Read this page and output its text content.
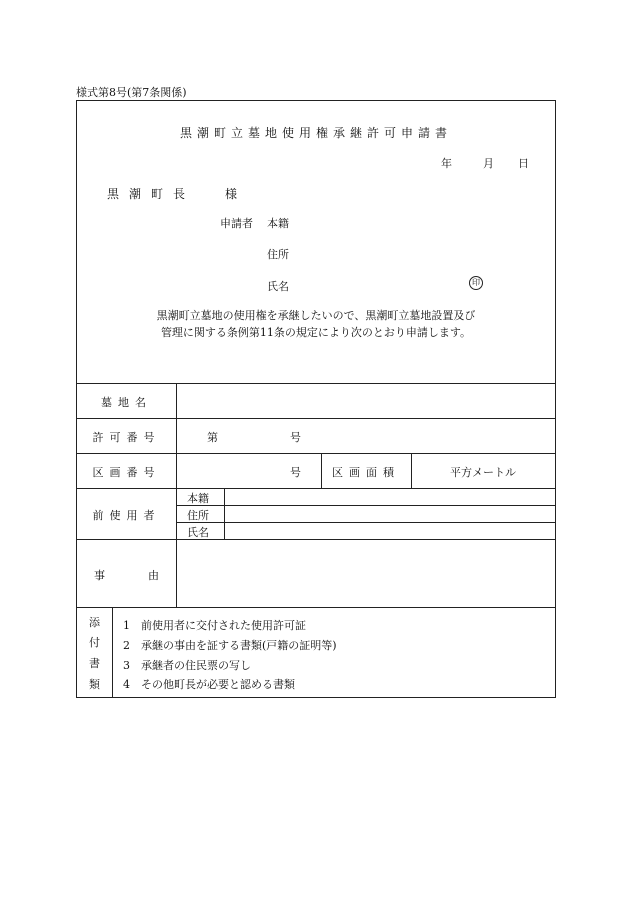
様式第8号(第7条関係)
黒潮町立墓地使用権承継許可申請書
年	月 日
黒潮町長 様
申請者 本籍
住所
氏名	印
黒潮町立墓地の使用権を承継したいので、黒潮町立墓地設置及び
管理に関する条例第11条の規定により次のとおり申請します。
墓地名
許可番号	第	号
区画番号	号	区画面積	平方メートル
前使用者
本籍
住所
氏名
事	由
添
付
書
類
1 前使用者に交付された使用許可証
2 承継の事由を証する書類(戸籍の証明等)
3 承継者の住民票の写し
4 その他町長が必要と認める書類
